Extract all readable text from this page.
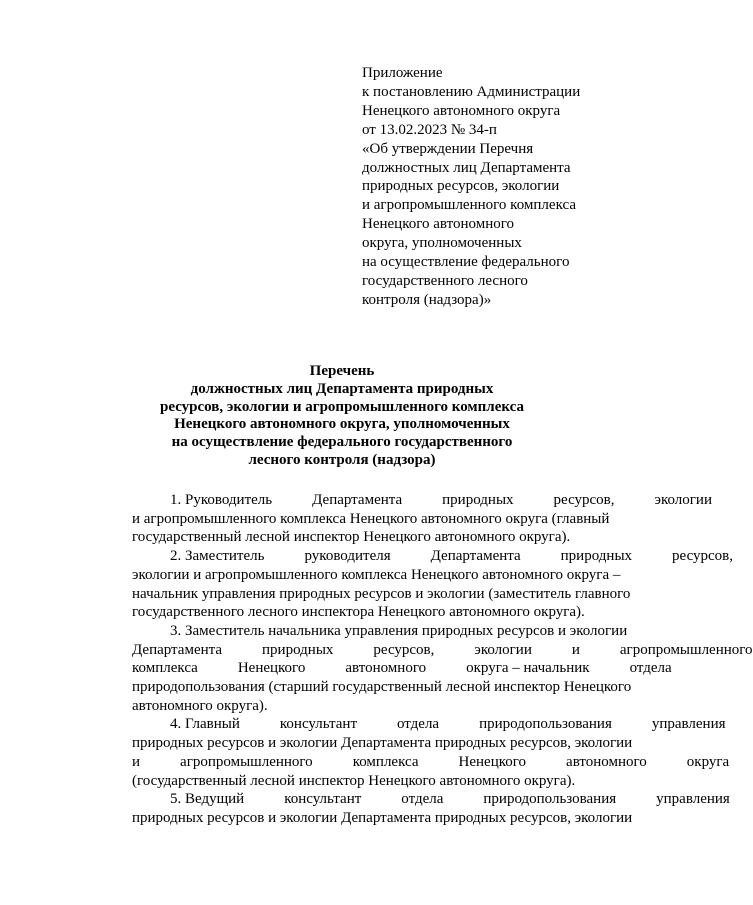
Приложение
к постановлению Администрации
Ненецкого автономного округа
от 13.02.2023 № 34-п
«Об утверждении Перечня
должностных лиц Департамента
природных ресурсов, экологии
и агропромышленного комплекса
Ненецкого автономного
округа, уполномоченных
на осуществление федерального
государственного лесного
контроля (надзора)»
Перечень
должностных лиц Департамента природных
ресурсов, экологии и агропромышленного комплекса
Ненецкого автономного округа, уполномоченных
на осуществление федерального государственного
лесного контроля (надзора)
1. Руководитель	Департамента	природных	ресурсов,	экологии
и агропромышленного комплекса Ненецкого автономного округа (главный
государственный лесной инспектор Ненецкого автономного округа).
2. Заместитель	руководителя	Департамента	природных	ресурсов,
экологии и агропромышленного комплекса Ненецкого автономного округа –
начальник управления природных ресурсов и экологии (заместитель главного
государственного лесного инспектора Ненецкого автономного округа).
3. Заместитель начальника управления природных ресурсов и экологии
Департамента	природных	ресурсов,	экологии	и	агропромышленного
комплекса	Ненецкого	автономного	округа – начальник	отдела
природопользования (старший государственный лесной инспектор Ненецкого
автономного округа).
4. Главный	консультант	отдела	природопользования	управления
природных ресурсов и экологии Департамента природных ресурсов, экологии
и	агропромышленного	комплекса	Ненецкого	автономного	округа
(государственный лесной инспектор Ненецкого автономного округа).
5. Ведущий	консультант	отдела	природопользования	управления
природных ресурсов и экологии Департамента природных ресурсов, экологии
